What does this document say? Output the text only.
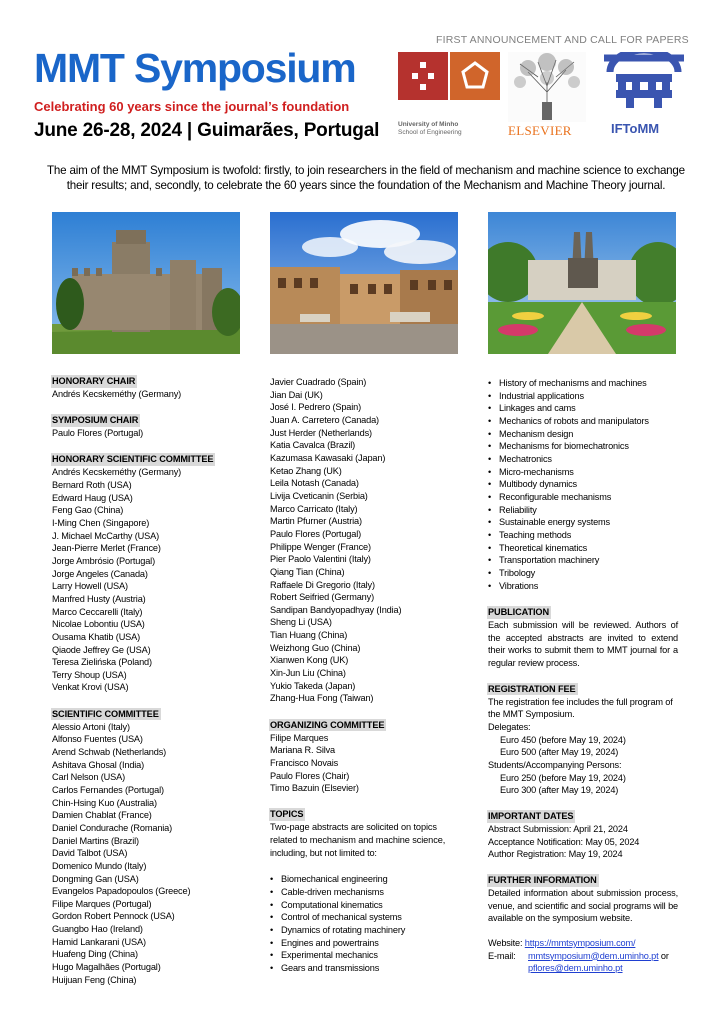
FIRST ANNOUNCEMENT AND CALL FOR PAPERS
MMT Symposium
Celebrating 60 years since the journal’s foundation
June 26-28, 2024 | Guimarães, Portugal	University of Minho
School of Engineering	ELSEVIER	IFToMM
The aim of the MMT Symposium is twofold: firstly, to join researchers in the field of mechanism and machine science to exchange their results; and, secondly, to celebrate the 60 years since the foundation of the Mechanism and Machine Theory journal.
HONORARY CHAIR
Andrés Kecskeméthy (Germany)
SYMPOSIUM CHAIR
Paulo Flores (Portugal)
HONORARY SCIENTIFIC COMMITTEE
Andrés Kecskeméthy (Germany)
Bernard Roth (USA)
Edward Haug (USA)
Feng Gao (China)
I-Ming Chen (Singapore)
J. Michael McCarthy (USA)
Jean-Pierre Merlet (France)
Jorge Ambrósio (Portugal)
Jorge Angeles (Canada)
Larry Howell (USA)
Manfred Husty (Austria)
Marco Ceccarelli (Italy)
Nicolae Lobontiu (USA)
Ousama Khatib (USA)
Qiaode Jeffrey Ge (USA)
Teresa Zielińska (Poland)
Terry Shoup (USA)
Venkat Krovi (USA)
SCIENTIFIC COMMITTEE
Alessio Artoni (Italy)
Alfonso Fuentes (USA)
Arend Schwab (Netherlands)
Ashitava Ghosal (India)
Carl Nelson (USA)
Carlos Fernandes (Portugal)
Chin-Hsing Kuo (Australia)
Damien Chablat (France)
Daniel Condurache (Romania)
Daniel Martins (Brazil)
David Talbot (USA)
Domenico Mundo (Italy)
Dongming Gan (USA)
Evangelos Papadopoulos (Greece)
Filipe Marques (Portugal)
Gordon Robert Pennock (USA)
Guangbo Hao (Ireland)
Hamid Lankarani (USA)
Huafeng Ding (China)
Hugo Magalhães (Portugal)
Huijuan Feng (China)
Javier Cuadrado (Spain)
Jian Dai (UK)
José I. Pedrero (Spain)
Juan A. Carretero (Canada)
Just Herder (Netherlands)
Katia Cavalca (Brazil)
Kazumasa Kawasaki (Japan)
Ketao Zhang (UK)
Leila Notash (Canada)
Livija Cveticanin (Serbia)
Marco Carricato (Italy)
Martin Pfurner (Austria)
Paulo Flores (Portugal)
Philippe Wenger (France)
Pier Paolo Valentini (Italy)
Qiang Tian (China)
Raffaele Di Gregorio (Italy)
Robert Seifried (Germany)
Sandipan Bandyopadhyay (India)
Sheng Li (USA)
Tian Huang (China)
Weizhong Guo (China)
Xianwen Kong (UK)
Xin-Jun Liu (China)
Yukio Takeda (Japan)
Zhang-Hua Fong (Taiwan)
ORGANIZING COMMITTEE
Filipe Marques
Mariana R. Silva
Francisco Novais
Paulo Flores (Chair)
Timo Bazuin (Elsevier)
TOPICS
Two-page abstracts are solicited on topics
related to mechanism and machine science,
including, but not limited to:
• Biomechanical engineering
• Cable-driven mechanisms
• Computational kinematics
• Control of mechanical systems
• Dynamics of rotating machinery
• Engines and powertrains
• Experimental mechanics
• Gears and transmissions
• History of mechanisms and machines
• Industrial applications
• Linkages and cams
• Mechanics of robots and manipulators
• Mechanism design
• Mechanisms for biomechatronics
• Mechatronics
• Micro-mechanisms
• Multibody dynamics
• Reconfigurable mechanisms
• Reliability
• Sustainable energy systems
• Teaching methods
• Theoretical kinematics
• Transportation machinery
• Tribology
• Vibrations
PUBLICATION
Each submission will be reviewed. Authors of the accepted abstracts are invited to extend their works to submit them to MMT journal for a regular review process.
REGISTRATION FEE
The registration fee includes the full program of
the MMT Symposium.
Delegates:
Euro 450 (before May 19, 2024)
Euro 500 (after May 19, 2024)
Students/Accompanying Persons:
Euro 250 (before May 19, 2024)
Euro 300 (after May 19, 2024)
IMPORTANT DATES
Abstract Submission: April 21, 2024
Acceptance Notification: May 05, 2024
Author Registration: May 19, 2024
FURTHER INFORMATION
Detailed information about submission process, venue, and scientific and social programs will be available on the symposium website.
Website: https://mmtsymposium.com/
E-mail: mmtsymposium@dem.uminho.pt or
pflores@dem.uminho.pt
